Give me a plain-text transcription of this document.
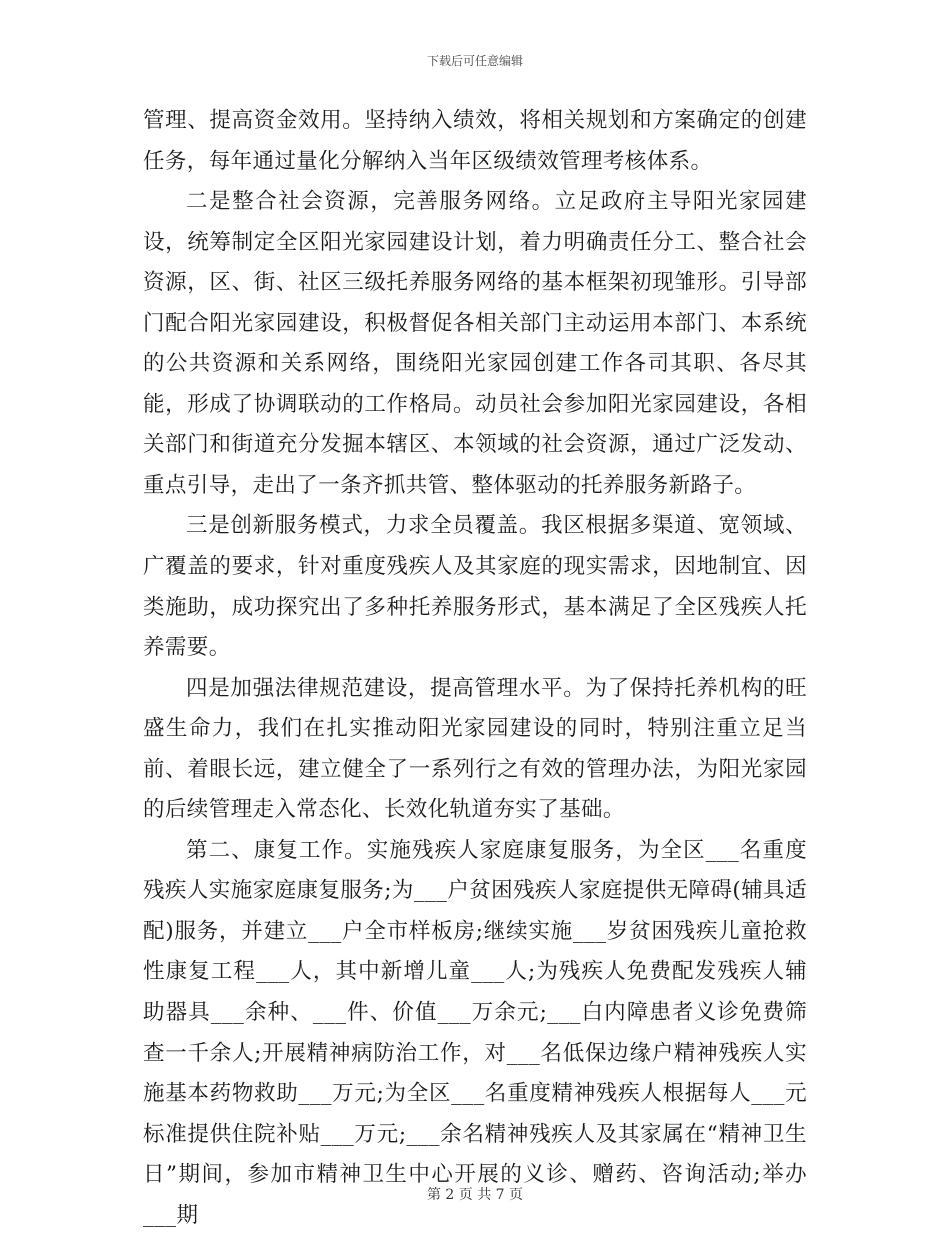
下载后可任意编辑

管理、提高资金效用。坚持纳入绩效，将相关规划和方案确定的创建任务，每年通过量化分解纳入当年区级绩效管理考核体系。

二是整合社会资源，完善服务网络。立足政府主导阳光家园建设，统筹制定全区阳光家园建设计划，着力明确责任分工、整合社会资源，区、街、社区三级托养服务网络的基本框架初现雏形。引导部门配合阳光家园建设，积极督促各相关部门主动运用本部门、本系统的公共资源和关系网络，围绕阳光家园创建工作各司其职、各尽其能，形成了协调联动的工作格局。动员社会参加阳光家园建设，各相关部门和街道充分发掘本辖区、本领域的社会资源，通过广泛发动、重点引导，走出了一条齐抓共管、整体驱动的托养服务新路子。

三是创新服务模式，力求全员覆盖。我区根据多渠道、宽领域、广覆盖的要求，针对重度残疾人及其家庭的现实需求，因地制宜、因类施助，成功探究出了多种托养服务形式，基本满足了全区残疾人托养需要。

四是加强法律规范建设，提高管理水平。为了保持托养机构的旺盛生命力，我们在扎实推动阳光家园建设的同时，特别注重立足当前、着眼长远，建立健全了一系列行之有效的管理办法，为阳光家园的后续管理走入常态化、长效化轨道夯实了基础。

第二、康复工作。实施残疾人家庭康复服务，为全区___名重度残疾人实施家庭康复服务;为___户贫困残疾人家庭提供无障碍(辅具适配)服务，并建立___户全市样板房;继续实施___岁贫困残疾儿童抢救性康复工程___人，其中新增儿童___人;为残疾人免费配发残疾人辅助器具___余种、___件、价值___万余元;___白内障患者义诊免费筛查一千余人;开展精神病防治工作，对___名低保边缘户精神残疾人实施基本药物救助___万元;为全区___名重度精神残疾人根据每人___元标准提供住院补贴___万元;___余名精神残疾人及其家属在“精神卫生日”期间，参加市精神卫生中心开展的义诊、赠药、咨询活动;举办___期

第 2 页 共 7 页
